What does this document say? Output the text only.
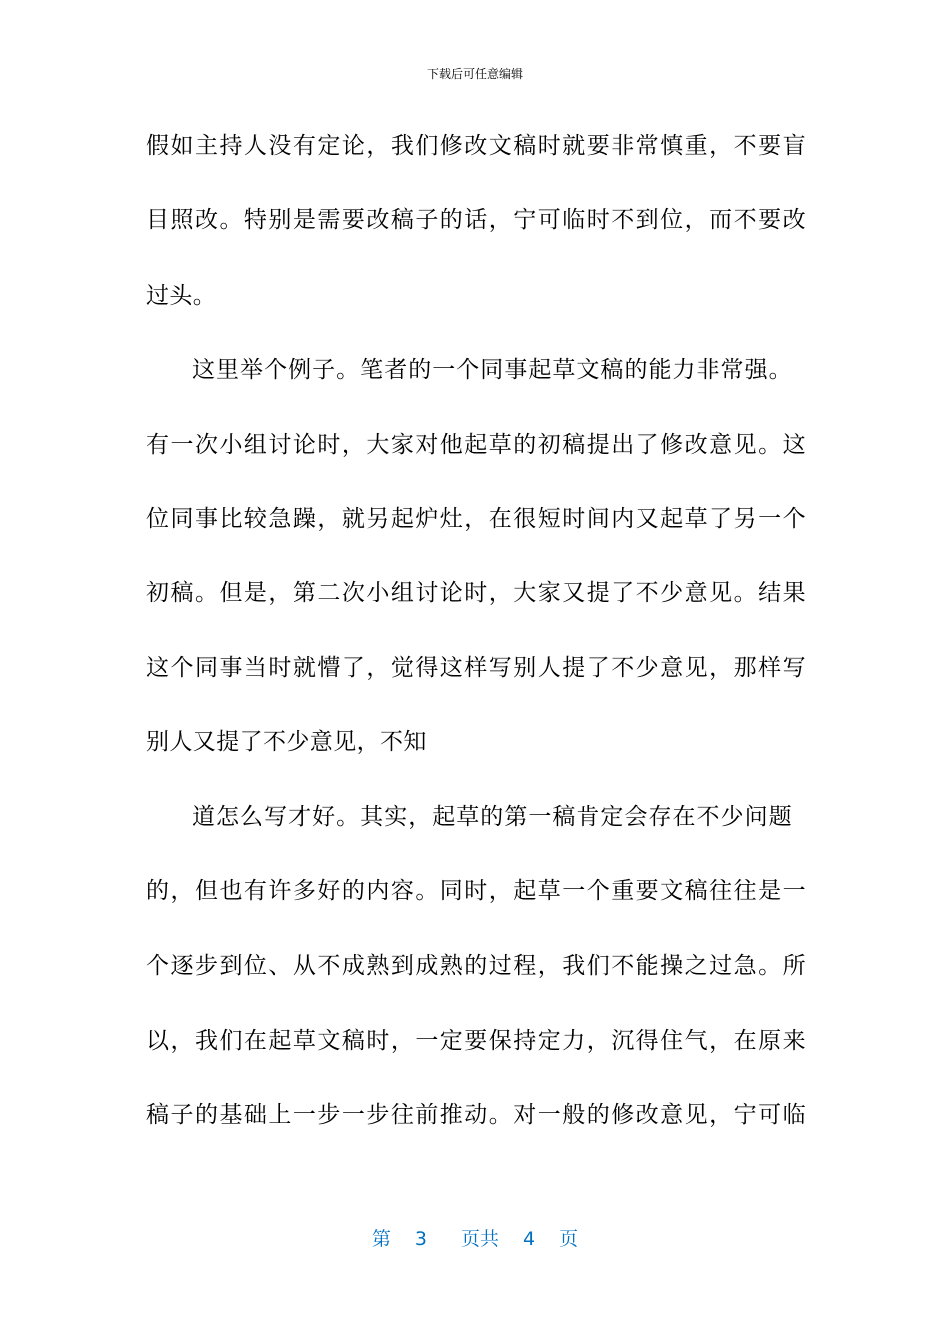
下载后可任意编辑
假如主持人没有定论，我们修改文稿时就要非常慎重，不要盲
目照改。特别是需要改稿子的话，宁可临时不到位，而不要改
过头。
这里举个例子。笔者的一个同事起草文稿的能力非常强。
有一次小组讨论时，大家对他起草的初稿提出了修改意见。这
位同事比较急躁，就另起炉灶，在很短时间内又起草了另一个
初稿。但是，第二次小组讨论时，大家又提了不少意见。结果
这个同事当时就懵了，觉得这样写别人提了不少意见，那样写
别人又提了不少意见，不知
道怎么写才好。其实，起草的第一稿肯定会存在不少问题
的，但也有许多好的内容。同时，起草一个重要文稿往往是一
个逐步到位、从不成熟到成熟的过程，我们不能操之过急。所
以，我们在起草文稿时，一定要保持定力，沉得住气，在原来
稿子的基础上一步一步往前推动。对一般的修改意见，宁可临
第 3 页共 4 页
